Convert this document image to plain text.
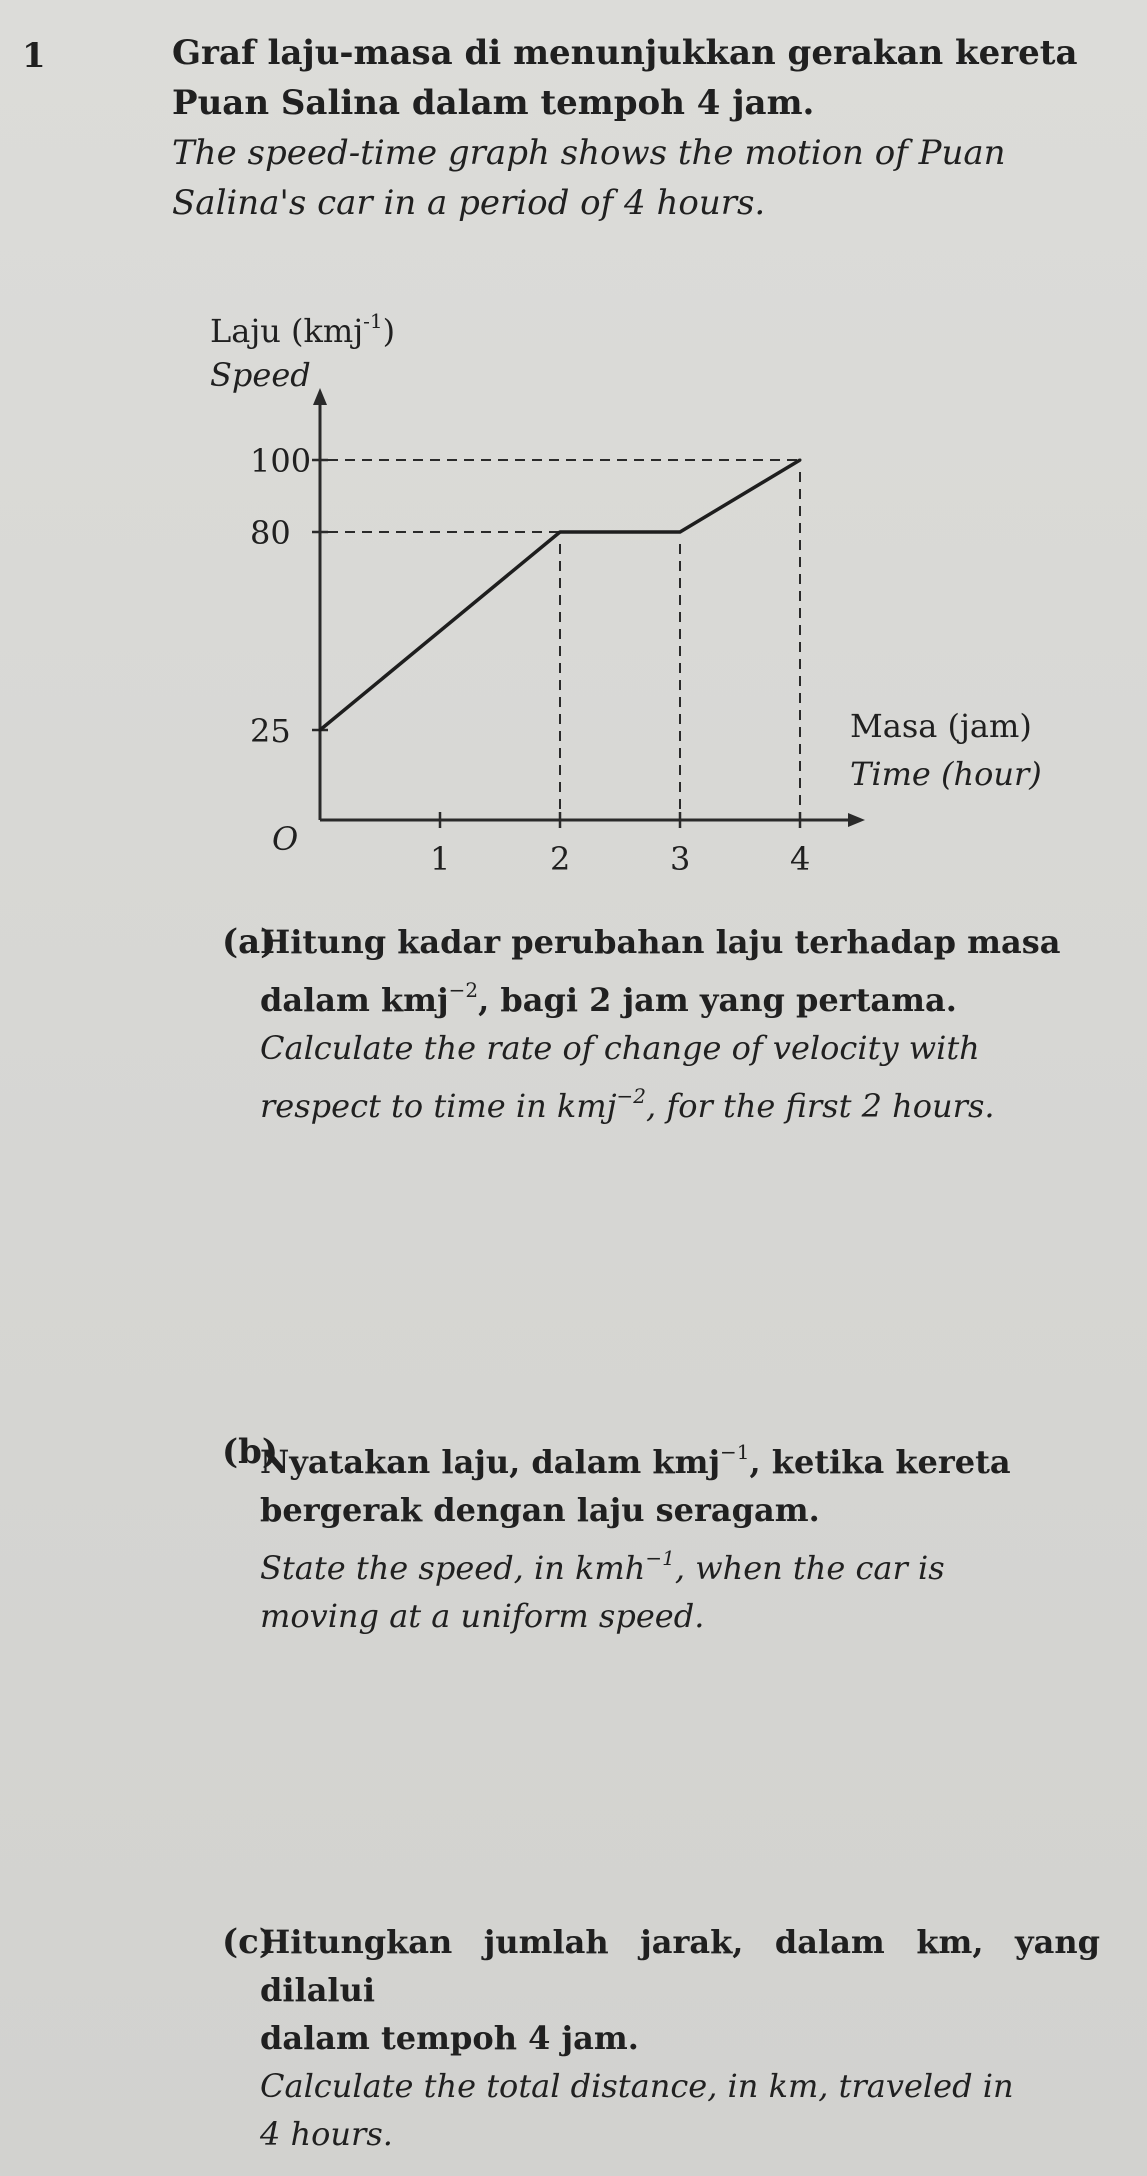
1	Graf laju-masa di menunjukkan gerakan kereta
Puan Salina dalam tempoh 4 jam.
The speed-time graph shows the motion of Puan
Salina's car in a period of 4 hours.
Laju (kmj$^{-1}$)
Speed
O
1	2	3	4
25
80
100
Masa (jam)
Time (hour)
(a)
Hitung kadar perubahan laju terhadap masa
dalam kmj$^{-2}$, bagi 2 jam yang pertama.
Calculate the rate of change of velocity with
respect to time in kmj$^{-2}$, for the first 2 hours.
(b)
Nyatakan laju, dalam kmj$^{-1}$, ketika kereta
bergerak dengan laju seragam.
State the speed, in kmh$^{-1}$, when the car is
moving at a uniform speed.
(c)
Hitungkan jumlah jarak, dalam km, yang dilalui
dalam tempoh 4 jam.
Calculate the total distance, in km, traveled in
4 hours.
